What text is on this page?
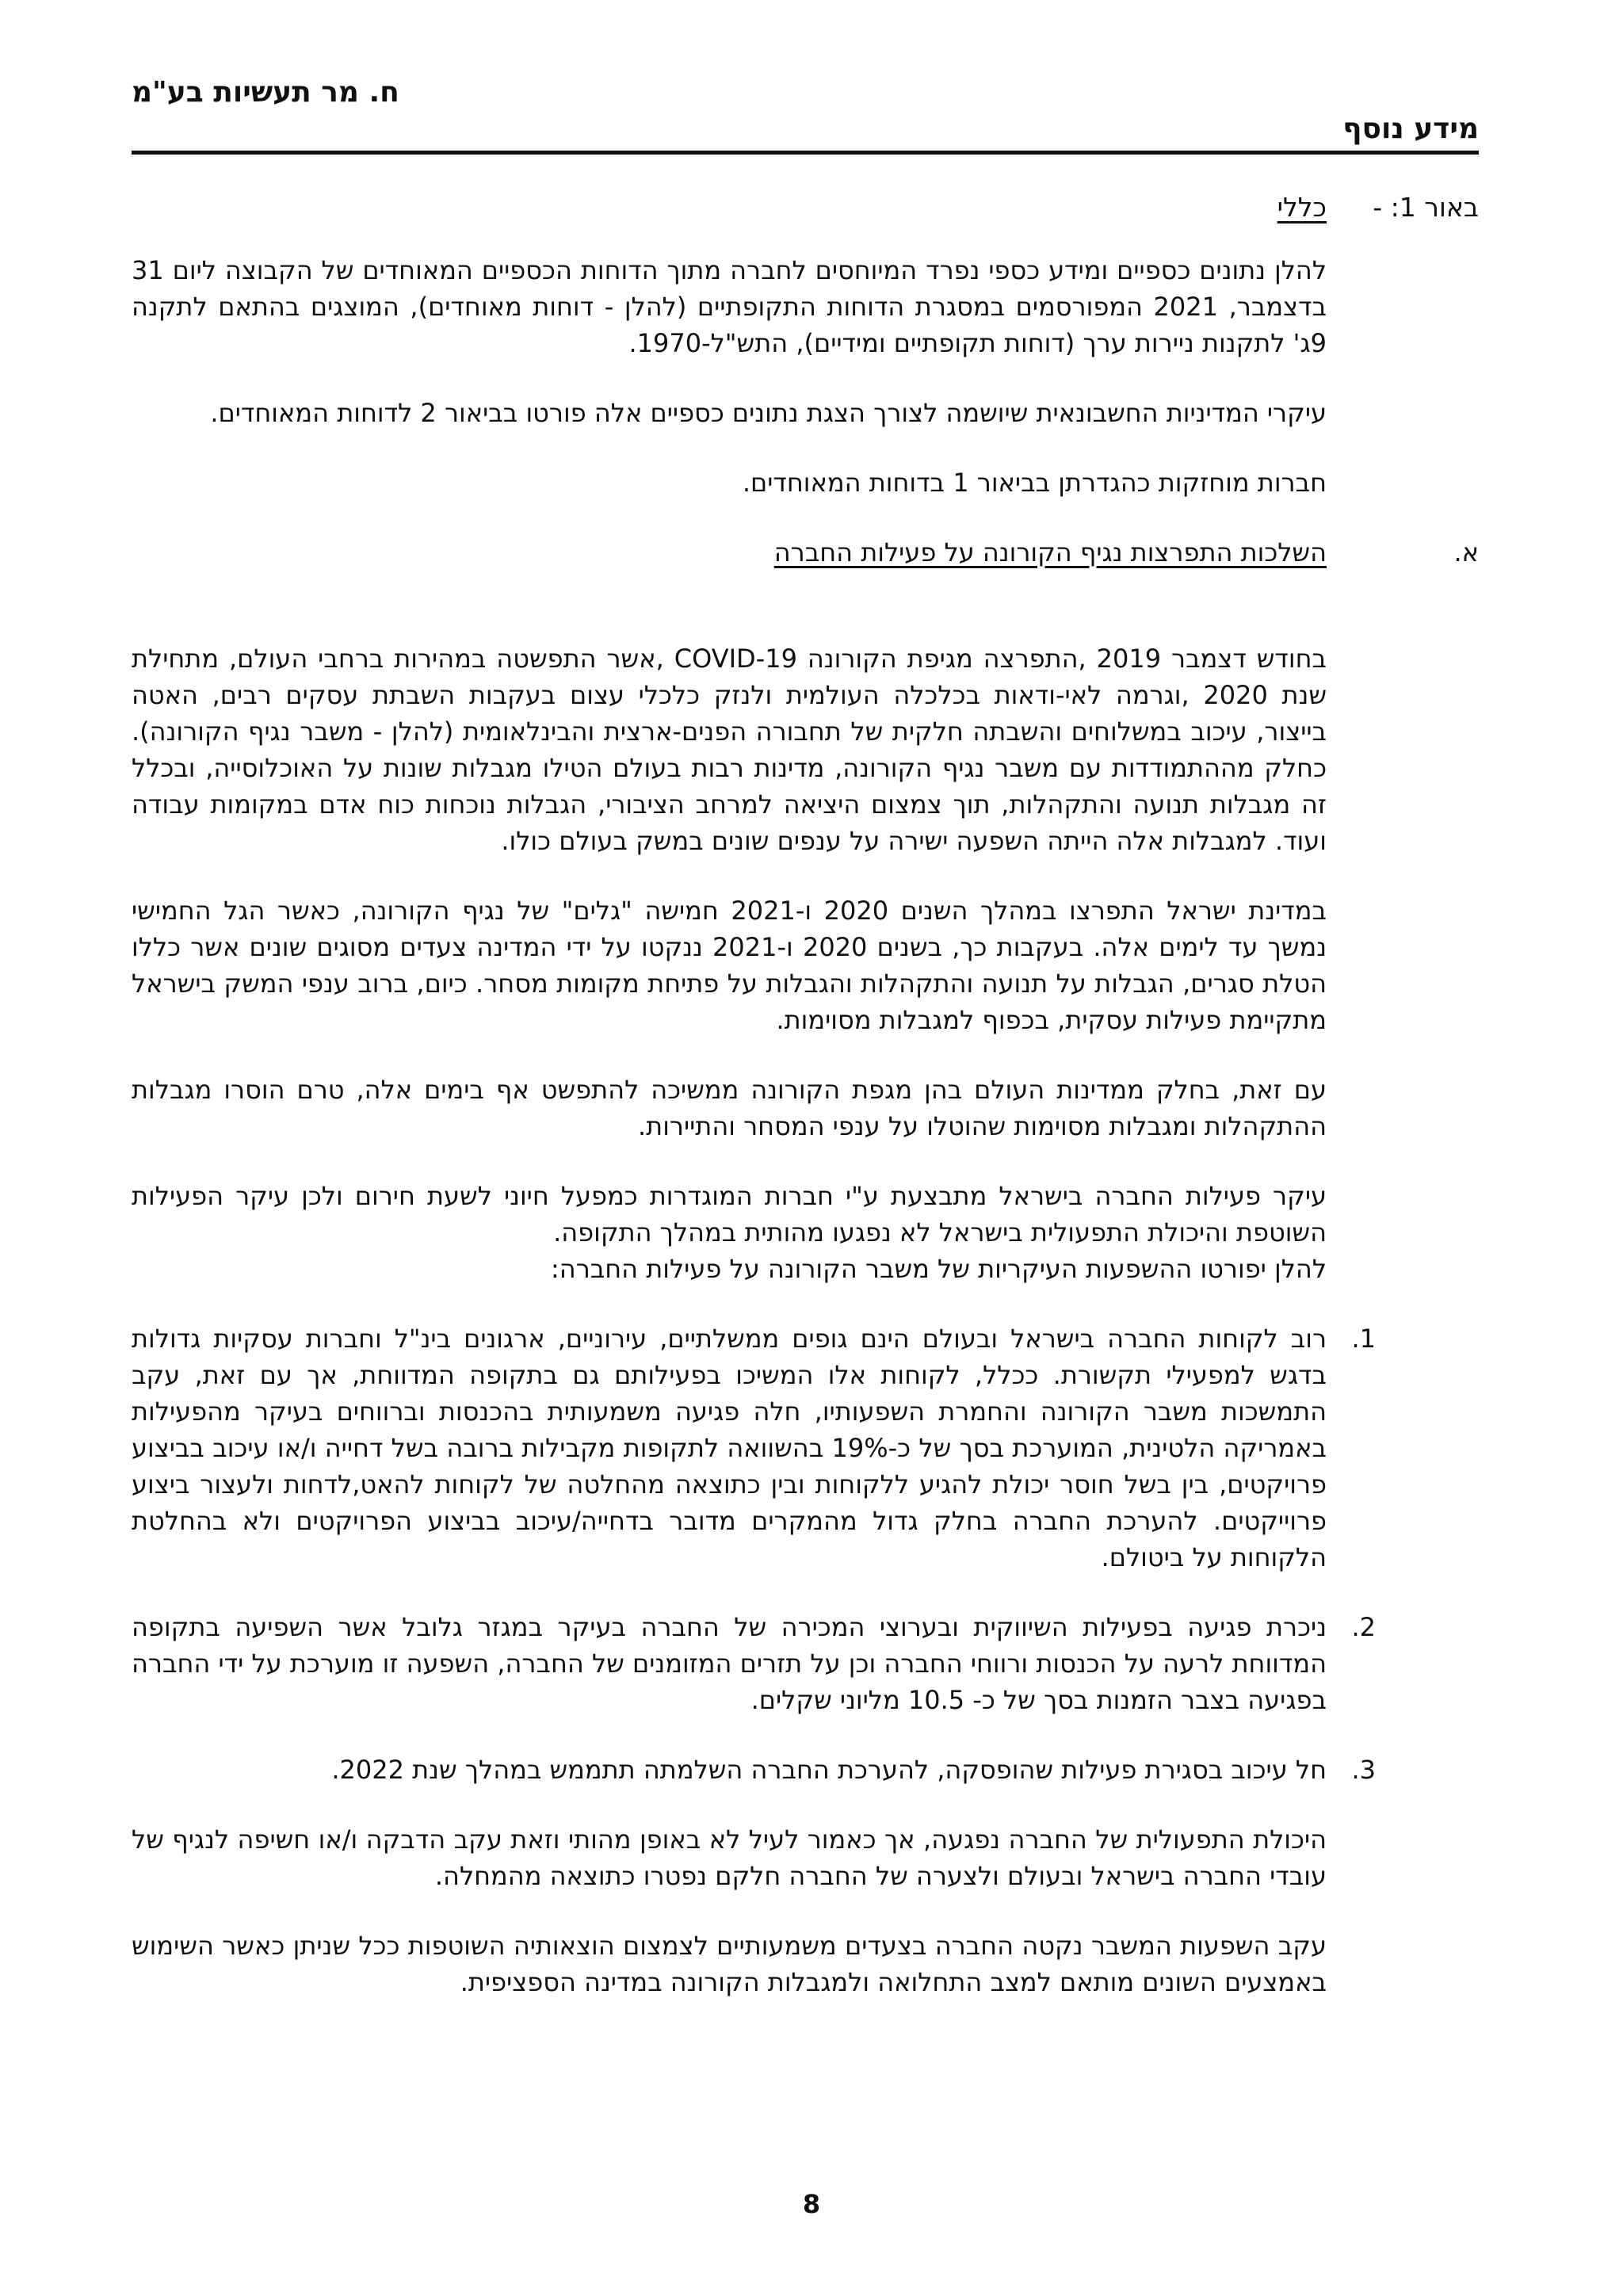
ח. מר תעשיות בע"מ
מידע נוסף
באור 1: -
כללי

להלן נתונים כספיים ומידע כספי נפרד המיוחסים לחברה מתוך הדוחות הכספיים המאוחדים של הקבוצה ליום 31 בדצמבר, 2021 המפורסמים במסגרת הדוחות התקופתיים (להלן - דוחות מאוחדים), המוצגים בהתאם לתקנה 9ג' לתקנות ניירות ערך (דוחות תקופתיים ומידיים), התש"ל-1970.

עיקרי המדיניות החשבונאית שיושמה לצורך הצגת נתונים כספיים אלה פורטו בביאור 2 לדוחות המאוחדים.

חברות מוחזקות כהגדרתן בביאור 1 בדוחות המאוחדים.

א.
השלכות התפרצות נגיף הקורונה על פעילות החברה

בחודש דצמבר 2019 ,התפרצה מגיפת הקורונה COVID-19 ,אשר התפשטה במהירות ברחבי העולם, מתחילת שנת 2020 ,וגרמה לאי-ודאות בכלכלה העולמית ולנזק כלכלי עצום בעקבות השבתת עסקים רבים, האטה בייצור, עיכוב במשלוחים והשבתה חלקית של תחבורה הפנים-ארצית והבינלאומית (להלן - משבר נגיף הקורונה). כחלק מההתמודדות עם משבר נגיף הקורונה, מדינות רבות בעולם הטילו מגבלות שונות על האוכלוסייה, ובכלל זה מגבלות תנועה והתקהלות, תוך צמצום היציאה למרחב הציבורי, הגבלות נוכחות כוח אדם במקומות עבודה ועוד. למגבלות אלה הייתה השפעה ישירה על ענפים שונים במשק בעולם כולו.

במדינת ישראל התפרצו במהלך השנים 2020 ו-2021 חמישה "גלים" של נגיף הקורונה, כאשר הגל החמישי נמשך עד לימים אלה. בעקבות כך, בשנים 2020 ו-2021 ננקטו על ידי המדינה צעדים מסוגים שונים אשר כללו הטלת סגרים, הגבלות על תנועה והתקהלות והגבלות על פתיחת מקומות מסחר. כיום, ברוב ענפי המשק בישראל מתקיימת פעילות עסקית, בכפוף למגבלות מסוימות.

עם זאת, בחלק ממדינות העולם בהן מגפת הקורונה ממשיכה להתפשט אף בימים אלה, טרם הוסרו מגבלות ההתקהלות ומגבלות מסוימות שהוטלו על ענפי המסחר והתיירות.

עיקר פעילות החברה בישראל מתבצעת ע"י חברות המוגדרות כמפעל חיוני לשעת חירום ולכן עיקר הפעילות השוטפת והיכולת התפעולית בישראל לא נפגעו מהותית במהלך התקופה.

להלן יפורטו ההשפעות העיקריות של משבר הקורונה על פעילות החברה:

1.
רוב לקוחות החברה בישראל ובעולם הינם גופים ממשלתיים, עירוניים, ארגונים בינ"ל וחברות עסקיות גדולות בדגש למפעילי תקשורת. ככלל, לקוחות אלו המשיכו בפעילותם גם בתקופה המדווחת, אך עם זאת, עקב התמשכות משבר הקורונה והחמרת השפעותיו, חלה פגיעה משמעותית בהכנסות וברווחים בעיקר מהפעילות באמריקה הלטינית, המוערכת בסך של כ-19% בהשוואה לתקופות מקבילות ברובה בשל דחייה ו/או עיכוב בביצוע פרויקטים, בין בשל חוסר יכולת להגיע ללקוחות ובין כתוצאה מהחלטה של לקוחות להאט,לדחות ולעצור ביצוע פרוייקטים. להערכת החברה בחלק גדול מהמקרים מדובר בדחייה/עיכוב בביצוע הפרויקטים ולא בהחלטת הלקוחות על ביטולם.
2.
ניכרת פגיעה בפעילות השיווקית ובערוצי המכירה של החברה בעיקר במגזר גלובל אשר השפיעה בתקופה המדווחת לרעה על הכנסות ורווחי החברה וכן על תזרים המזומנים של החברה, השפעה זו מוערכת על ידי החברה בפגיעה בצבר הזמנות בסך של כ- 10.5 מליוני שקלים.
3.
חל עיכוב בסגירת פעילות שהופסקה, להערכת החברה השלמתה תתממש במהלך שנת 2022.

היכולת התפעולית של החברה נפגעה, אך כאמור לעיל לא באופן מהותי וזאת עקב הדבקה ו/או חשיפה לנגיף של עובדי החברה בישראל ובעולם ולצערה של החברה חלקם נפטרו כתוצאה מהמחלה.

עקב השפעות המשבר נקטה החברה בצעדים משמעותיים לצמצום הוצאותיה השוטפות ככל שניתן כאשר השימוש באמצעים השונים מותאם למצב התחלואה ולמגבלות הקורונה במדינה הספציפית.

8
